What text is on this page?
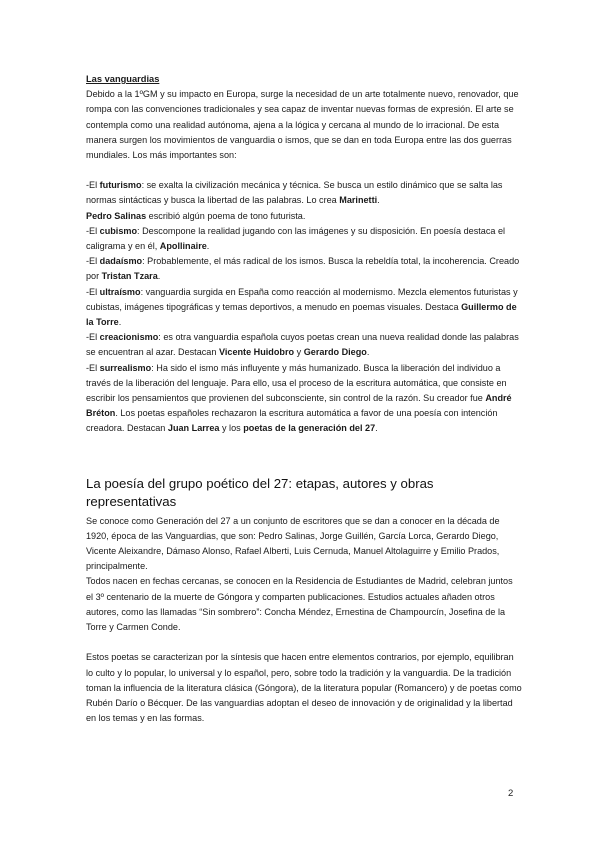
Las vanguardias

Debido a la 1ºGM y su impacto en Europa, surge la necesidad de un arte totalmente nuevo, renovador, que rompa con las convenciones tradicionales y sea capaz de inventar nuevas formas de expresión. El arte se contempla como una realidad autónoma, ajena a la lógica y cercana al mundo de lo irracional. De esta manera surgen los movimientos de vanguardia o ismos, que se dan en toda Europa entre las dos guerras mundiales. Los más importantes son:

-El futurismo: se exalta la civilización mecánica y técnica. Se busca un estilo dinámico que se salta las normas sintácticas y busca la libertad de las palabras. Lo crea Marinetti.

Pedro Salinas escribió algún poema de tono futurista.

-El cubismo: Descompone la realidad jugando con las imágenes y su disposición. En poesía destaca el caligrama y en él, Apollinaire.

-El dadaísmo: Probablemente, el más radical de los ismos. Busca la rebeldía total, la incoherencia. Creado por Tristan Tzara.

-El ultraísmo: vanguardia surgida en España como reacción al modernismo. Mezcla elementos futuristas y cubistas, imágenes tipográficas y temas deportivos, a menudo en poemas visuales. Destaca Guillermo de la Torre.

-El creacionismo: es otra vanguardia española cuyos poetas crean una nueva realidad donde las palabras se encuentran al azar. Destacan Vicente Huidobro y Gerardo Diego.

-El surrealismo: Ha sido el ismo más influyente y más humanizado. Busca la liberación del individuo a través de la liberación del lenguaje. Para ello, usa el proceso de la escritura automática, que consiste en escribir los pensamientos que provienen del subconsciente, sin control de la razón. Su creador fue André Bréton. Los poetas españoles rechazaron la escritura automática a favor de una poesía con intención creadora. Destacan Juan Larrea y los poetas de la generación del 27.

La poesía del grupo poético del 27: etapas, autores y obras representativas

Se conoce como Generación del 27 a un conjunto de escritores que se dan a conocer en la década de 1920, época de las Vanguardias, que son: Pedro Salinas, Jorge Guillén, García Lorca, Gerardo Diego, Vicente Aleixandre, Dámaso Alonso, Rafael Alberti, Luis Cernuda, Manuel Altolaguirre y Emilio Prados, principalmente.

Todos nacen en fechas cercanas, se conocen en la Residencia de Estudiantes de Madrid, celebran juntos el 3º centenario de la muerte de Góngora y comparten publicaciones. Estudios actuales añaden otros autores, como las llamadas “Sin sombrero”: Concha Méndez, Ernestina de Champourcín, Josefina de la Torre y Carmen Conde.

Estos poetas se caracterizan por la síntesis que hacen entre elementos contrarios, por ejemplo, equilibran lo culto y lo popular, lo universal y lo español, pero, sobre todo la tradición y la vanguardia. De la tradición toman la influencia de la literatura clásica (Góngora), de la literatura popular (Romancero) y de poetas como Rubén Darío o Bécquer. De las vanguardias adoptan el deseo de innovación y de originalidad y la libertad en los temas y en las formas.

2
